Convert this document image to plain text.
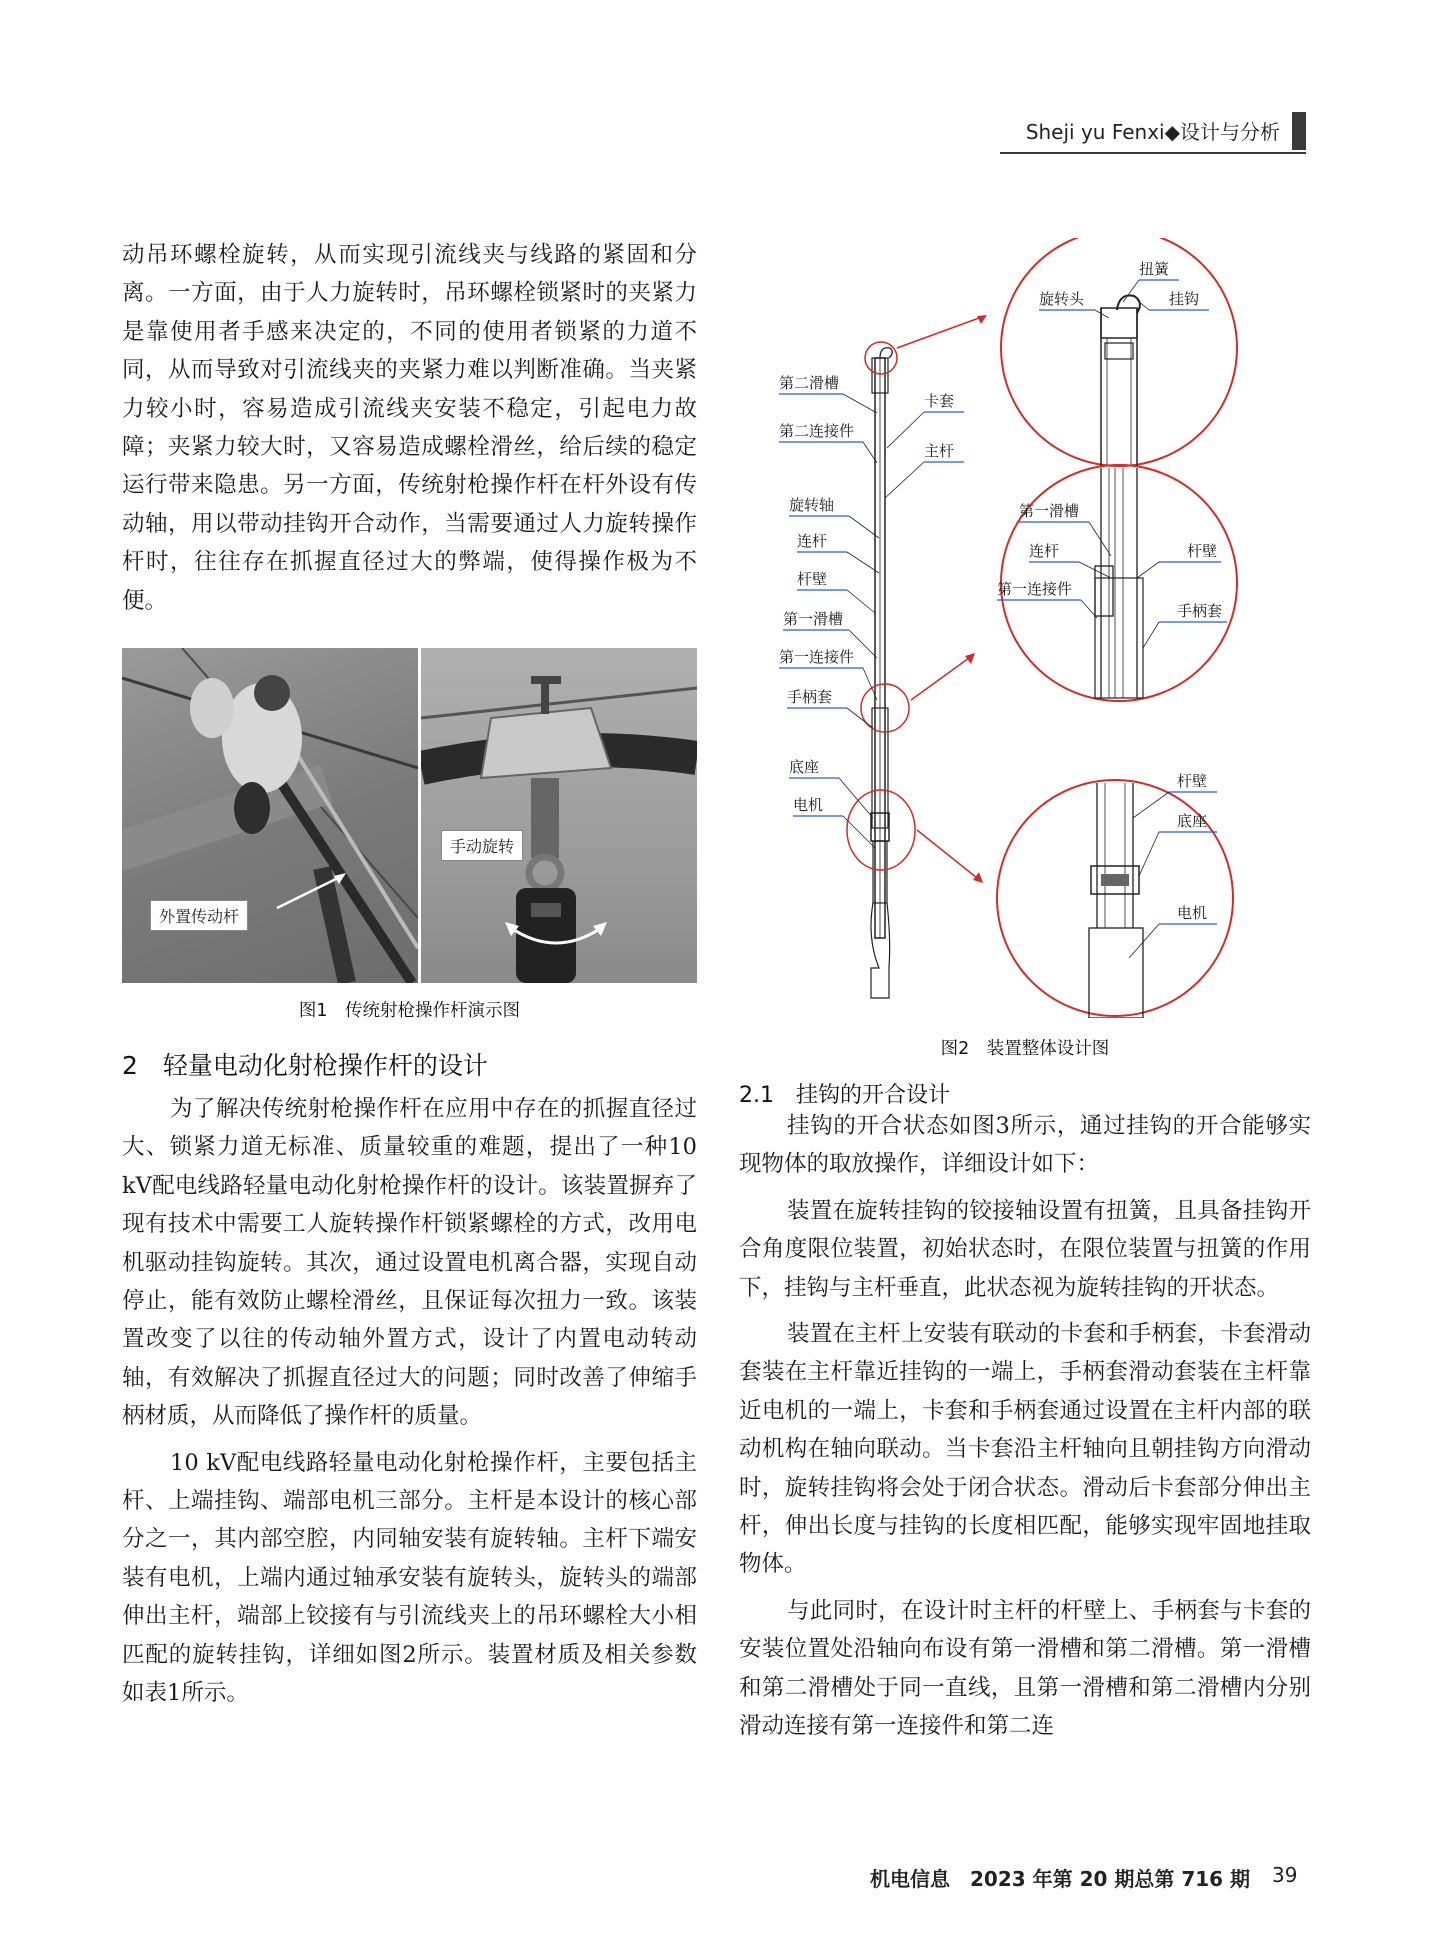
Sheji yu Fenxi◆设计与分析

动吊环螺栓旋转，从而实现引流线夹与线路的紧固和分离。一方面，由于人力旋转时，吊环螺栓锁紧时的夹紧力是靠使用者手感来决定的，不同的使用者锁紧的力道不同，从而导致对引流线夹的夹紧力难以判断准确。当夹紧力较小时，容易造成引流线夹安装不稳定，引起电力故障；夹紧力较大时，又容易造成螺栓滑丝，给后续的稳定运行带来隐患。另一方面，传统射枪操作杆在杆外设有传动轴，用以带动挂钩开合动作，当需要通过人力旋转操作杆时，往往存在抓握直径过大的弊端，使得操作极为不便。

外置传动杆
手动旋转
图1　传统射枪操作杆演示图
2　轻量电动化射枪操作杆的设计

为了解决传统射枪操作杆在应用中存在的抓握直径过大、锁紧力道无标准、质量较重的难题，提出了一种10 kV配电线路轻量电动化射枪操作杆的设计。该装置摒弃了现有技术中需要工人旋转操作杆锁紧螺栓的方式，改用电机驱动挂钩旋转。其次，通过设置电机离合器，实现自动停止，能有效防止螺栓滑丝，且保证每次扭力一致。该装置改变了以往的传动轴外置方式，设计了内置电动转动轴，有效解决了抓握直径过大的问题；同时改善了伸缩手柄材质，从而降低了操作杆的质量。

10 kV配电线路轻量电动化射枪操作杆，主要包括主杆、上端挂钩、端部电机三部分。主杆是本设计的核心部分之一，其内部空腔，内同轴安装有旋转轴。主杆下端安装有电机，上端内通过轴承安装有旋转头，旋转头的端部伸出主杆，端部上铰接有与引流线夹上的吊环螺栓大小相匹配的旋转挂钩，详细如图2所示。装置材质及相关参数如表1所示。

第二滑槽
卡套
第二连接件
主杆
旋转轴
连杆
杆壁
第一滑槽
第一连接件
手柄套
底座
电机
扭簧
旋转头	挂钩
第一滑槽
连杆	杆壁
第一连接件
手柄套
杆壁
底座
电机
图2　装置整体设计图
2.1　挂钩的开合设计

挂钩的开合状态如图3所示，通过挂钩的开合能够实现物体的取放操作，详细设计如下：

装置在旋转挂钩的铰接轴设置有扭簧，且具备挂钩开合角度限位装置，初始状态时，在限位装置与扭簧的作用下，挂钩与主杆垂直，此状态视为旋转挂钩的开状态。

装置在主杆上安装有联动的卡套和手柄套，卡套滑动套装在主杆靠近挂钩的一端上，手柄套滑动套装在主杆靠近电机的一端上，卡套和手柄套通过设置在主杆内部的联动机构在轴向联动。当卡套沿主杆轴向且朝挂钩方向滑动时，旋转挂钩将会处于闭合状态。滑动后卡套部分伸出主杆，伸出长度与挂钩的长度相匹配，能够实现牢固地挂取物体。

与此同时，在设计时主杆的杆壁上、手柄套与卡套的安装位置处沿轴向布设有第一滑槽和第二滑槽。第一滑槽和第二滑槽处于同一直线，且第一滑槽和第二滑槽内分别滑动连接有第一连接件和第二连

机电信息　2023 年第 20 期总第 716 期 39
